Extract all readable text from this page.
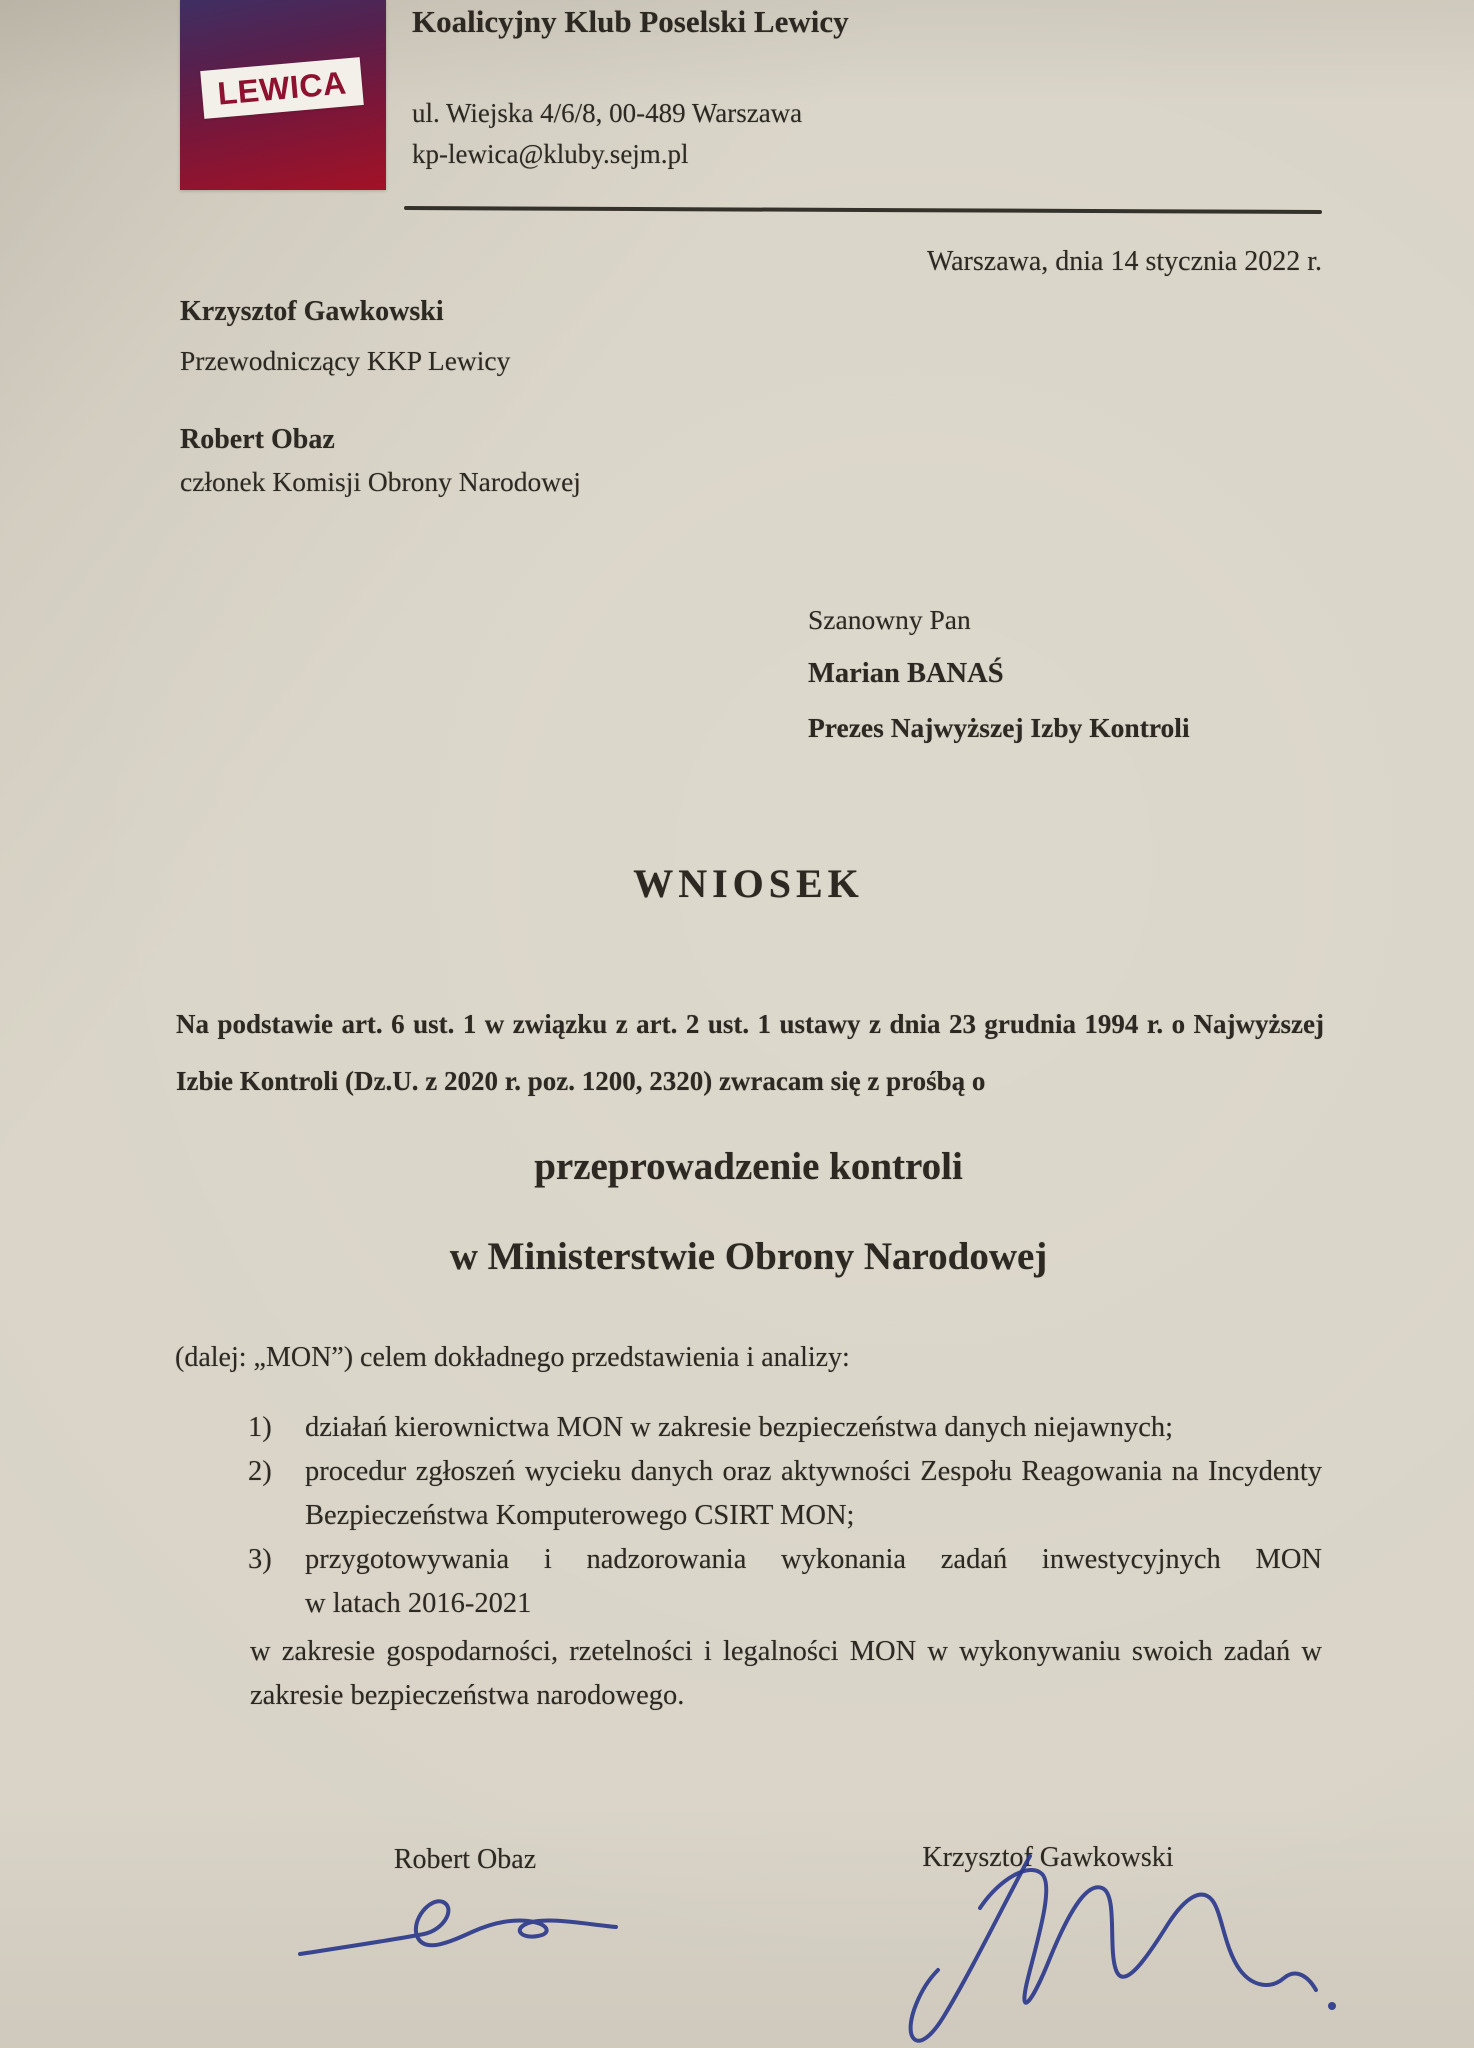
LEWICA
Koalicyjny Klub Poselski Lewicy
ul. Wiejska 4/6/8, 00-489 Warszawa
kp-lewica@kluby.sejm.pl
Warszawa, dnia 14 stycznia 2022 r.
Krzysztof Gawkowski
Przewodniczący KKP Lewicy
Robert Obaz
członek Komisji Obrony Narodowej
Szanowny Pan
Marian BANAŚ
Prezes Najwyższej Izby Kontroli
WNIOSEK
Na podstawie art. 6 ust. 1 w związku z art. 2 ust. 1 ustawy z dnia 23 grudnia 1994 r. o Najwyższej Izbie Kontroli (Dz.U. z 2020 r. poz. 1200, 2320) zwracam się z prośbą o
przeprowadzenie kontroli
w Ministerstwie Obrony Narodowej
(dalej: „MON”) celem dokładnego przedstawienia i analizy:
1)	działań kierownictwa MON w zakresie bezpieczeństwa danych niejawnych;
2)	procedur zgłoszeń wycieku danych oraz aktywności Zespołu Reagowania na Incydenty Bezpieczeństwa Komputerowego CSIRT MON;
3)	przygotowywania i nadzorowania wykonania zadań inwestycyjnych MON w latach 2016-2021
w zakresie gospodarności, rzetelności i legalności MON w wykonywaniu swoich zadań w zakresie bezpieczeństwa narodowego.
Robert Obaz	Krzysztof Gawkowski
